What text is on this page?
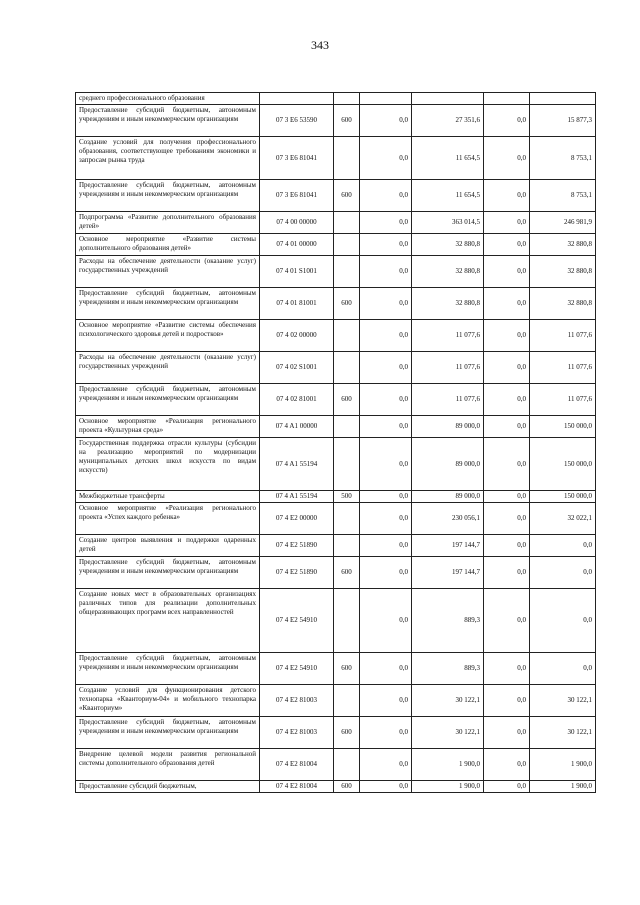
343
среднего профессионального образования						
Предоставление субсидий бюджетным, автономным учреждениям и иным некоммерческим организациям	07 3 E6 53590	600	0,0	27 351,6	0,0	15 877,3
Создание условий для получения профессионального образования, соответствующее требованиям экономики и запросам рынка труда	07 3 E6 81041		0,0	11 654,5	0,0	8 753,1
Предоставление субсидий бюджетным, автономным учреждениям и иным некоммерческим организациям	07 3 E6 81041	600	0,0	11 654,5	0,0	8 753,1
Подпрограмма «Развитие дополнительного образования детей»	07 4 00 00000		0,0	363 014,5	0,0	246 981,9
Основное мероприятие «Развитие системы дополнительного образования детей»	07 4 01 00000		0,0	32 880,8	0,0	32 880,8
Расходы на обеспечение деятельности (оказание услуг) государственных учреждений	07 4 01 S1001		0,0	32 880,8	0,0	32 880,8
Предоставление субсидий бюджетным, автономным учреждениям и иным некоммерческим организациям	07 4 01 81001	600	0,0	32 880,8	0,0	32 880,8
Основное мероприятие «Развитие системы обеспечения психологического здоровья детей и подростков»	07 4 02 00000		0,0	11 077,6	0,0	11 077,6
Расходы на обеспечение деятельности (оказание услуг) государственных учреждений	07 4 02 S1001		0,0	11 077,6	0,0	11 077,6
Предоставление субсидий бюджетным, автономным учреждениям и иным некоммерческим организациям	07 4 02 81001	600	0,0	11 077,6	0,0	11 077,6
Основное мероприятие «Реализация регионального проекта «Культурная среда»	07 4 A1 00000		0,0	89 000,0	0,0	150 000,0
Государственная поддержка отрасли культуры (субсидии на реализацию мероприятий по модернизации муниципальных детских школ искусств по видам искусств)	07 4 A1 55194		0,0	89 000,0	0,0	150 000,0
Межбюджетные трансферты	07 4 A1 55194	500	0,0	89 000,0	0,0	150 000,0
Основное мероприятие «Реализация регионального проекта «Успех каждого ребенка»	07 4 E2 00000		0,0	230 056,1	0,0	32 022,1
Создание центров выявления и поддержки одаренных детей	07 4 E2 51890		0,0	197 144,7	0,0	0,0
Предоставление субсидий бюджетным, автономным учреждениям и иным некоммерческим организациям	07 4 E2 51890	600	0,0	197 144,7	0,0	0,0
Создание новых мест в образовательных организациях различных типов для реализации дополнительных общеразвивающих программ всех направленностей	07 4 E2 54910		0,0	889,3	0,0	0,0
Предоставление субсидий бюджетным, автономным учреждениям и иным некоммерческим организациям	07 4 E2 54910	600	0,0	889,3	0,0	0,0
Создание условий для функционирования детского технопарка «Кванториум-04» и мобильного технопарка «Кванториум»	07 4 E2 81003		0,0	30 122,1	0,0	30 122,1
Предоставление субсидий бюджетным, автономным учреждениям и иным некоммерческим организациям	07 4 E2 81003	600	0,0	30 122,1	0,0	30 122,1
Внедрение целевой модели развития региональной системы дополнительного образования детей	07 4 E2 81004		0,0	1 900,0	0,0	1 900,0
Предоставление субсидий бюджетным,	07 4 E2 81004	600	0,0	1 900,0	0,0	1 900,0
